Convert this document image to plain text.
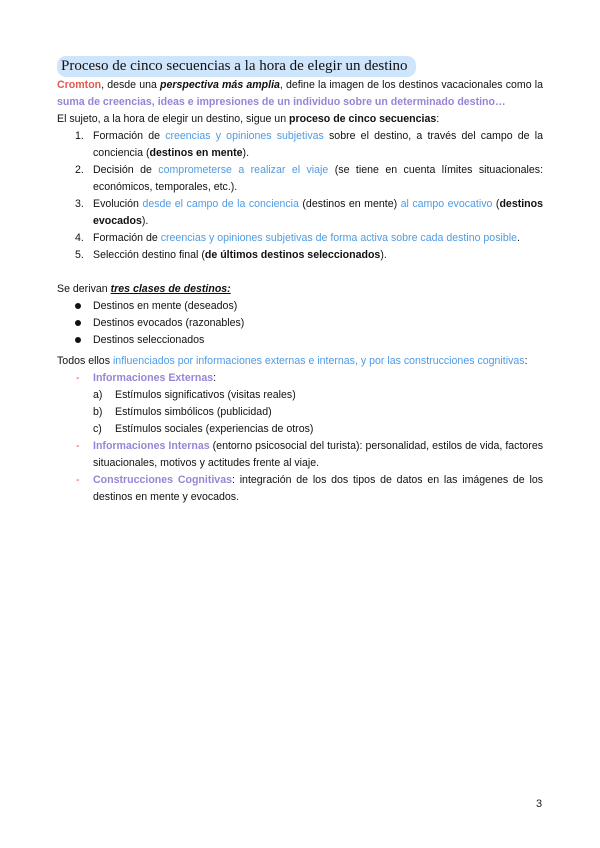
Proceso de cinco secuencias a la hora de elegir un destino

Cromton, desde una perspectiva más amplia, define la imagen de los destinos vacacionales como la suma de creencias, ideas e impresiones de un individuo sobre un determinado destino…

El sujeto, a la hora de elegir un destino, sigue un proceso de cinco secuencias:

1. Formación de creencias y opiniones subjetivas sobre el destino, a través del campo de la conciencia (destinos en mente).
2. Decisión de comprometerse a realizar el viaje (se tiene en cuenta límites situacionales: económicos, temporales, etc.).
3. Evolución desde el campo de la conciencia (destinos en mente) al campo evocativo (destinos evocados).
4. Formación de creencias y opiniones subjetivas de forma activa sobre cada destino posible.
5. Selección destino final (de últimos destinos seleccionados).

Se derivan tres clases de destinos:

Destinos en mente (deseados)
Destinos evocados (razonables)
Destinos seleccionados

Todos ellos influenciados por informaciones externas e internas, y por las construcciones cognitivas:

- Informaciones Externas:
a) Estímulos significativos (visitas reales)
b) Estímulos simbólicos (publicidad)
c) Estímulos sociales (experiencias de otros)
- Informaciones Internas (entorno psicosocial del turista): personalidad, estilos de vida, factores situacionales, motivos y actitudes frente al viaje.
- Construcciones Cognitivas: integración de los dos tipos de datos en las imágenes de los destinos en mente y evocados.
3
